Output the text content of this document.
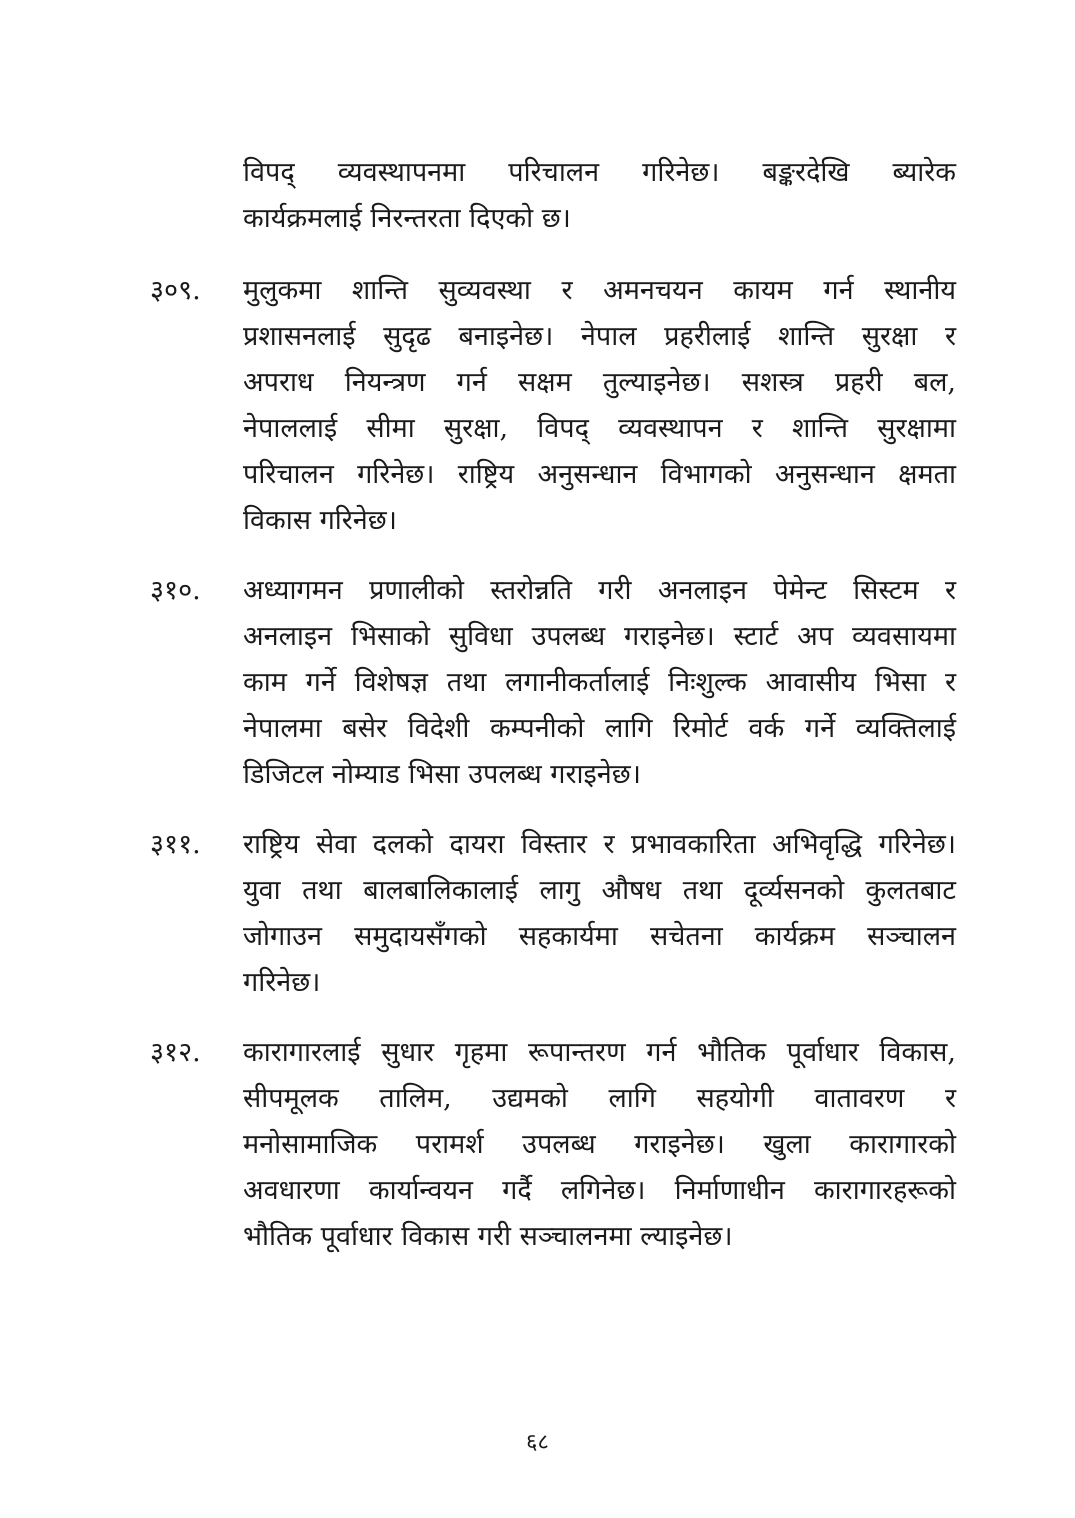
विपद् व्यवस्थापनमा परिचालन गरिनेछ। बङ्करदेखि ब्यारेक
कार्यक्रमलाई निरन्तरता दिएको छ।
३०९. मुलुकमा शान्ति सुव्यवस्था र अमनचयन कायम गर्न स्थानीय
प्रशासनलाई सुदृढ बनाइनेछ। नेपाल प्रहरीलाई शान्ति सुरक्षा र
अपराध नियन्त्रण गर्न सक्षम तुल्याइनेछ। सशस्त्र प्रहरी बल,
नेपाललाई सीमा सुरक्षा, विपद् व्यवस्थापन र शान्ति सुरक्षामा
परिचालन गरिनेछ। राष्ट्रिय अनुसन्धान विभागको अनुसन्धान क्षमता
विकास गरिनेछ।
३१०. अध्यागमन प्रणालीको स्तरोन्नति गरी अनलाइन पेमेन्ट सिस्टम र
अनलाइन भिसाको सुविधा उपलब्ध गराइनेछ। स्टार्ट अप व्यवसायमा
काम गर्ने विशेषज्ञ तथा लगानीकर्तालाई निःशुल्क आवासीय भिसा र
नेपालमा बसेर विदेशी कम्पनीको लागि रिमोर्ट वर्क गर्ने व्यक्तिलाई
डिजिटल नोम्याड भिसा उपलब्ध गराइनेछ।
३११. राष्ट्रिय सेवा दलको दायरा विस्तार र प्रभावकारिता अभिवृद्धि गरिनेछ।
युवा तथा बालबालिकालाई लागु औषध तथा दूर्व्यसनको कुलतबाट
जोगाउन समुदायसँगको सहकार्यमा सचेतना कार्यक्रम सञ्चालन
गरिनेछ।
३१२. कारागारलाई सुधार गृहमा रूपान्तरण गर्न भौतिक पूर्वाधार विकास,
सीपमूलक तालिम, उद्यमको लागि सहयोगी वातावरण र
मनोसामाजिक परामर्श उपलब्ध गराइनेछ। खुला कारागारको
अवधारणा कार्यान्वयन गर्दै लगिनेछ। निर्माणाधीन कारागारहरूको
भौतिक पूर्वाधार विकास गरी सञ्चालनमा ल्याइनेछ।
६८
